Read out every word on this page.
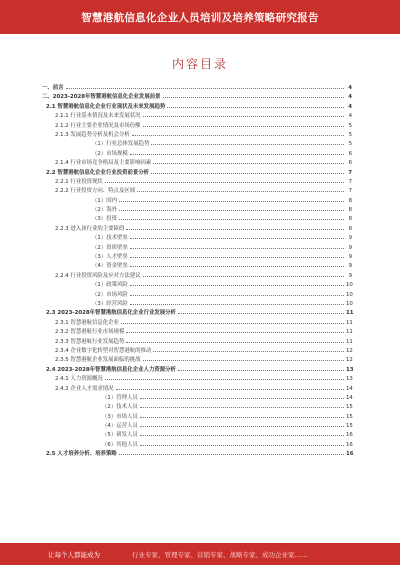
智慧港航信息化企业人员培训及培养策略研究报告
内容目录
一、前言	4
二、2023-2028年智慧港航信息化企业发展前景	4
2.1 智慧港航信息化企业行业现状及未来发展趋势	4
2.1.1 行业基本情况及未来发展状况	4
2.1.2 行业主要企业情况及市场份额	5
2.1.3 发展趋势分析及机会分析	5
（1）行业总体发展趋势	5
（2）市场规模	6
2.1.4 行业市场竞争格局及主要影响因素	6
2.2 智慧港航信息化企业行业投资前景分析	7
2.2.1 行业投资现状	7
2.2.2 行业投资方向、特点及区域	7
（1）国内	8
（2）海外	8
（3）投资	8
2.2.3 进入该行业的主要障碍	8
（1）技术壁垒	9
（2）资质壁垒	9
（3）人才壁垒	9
（4）资金壁垒	9
2.2.4 行业投资风险及应对方法建议	9
（1）政策风险	10
（2）市场风险	10
（3）经营风险	10
2.3 2023-2028年智慧港航信息化企业行业发展分析	11
2.3.1 智慧港航信息化企业	11
2.3.2 智慧港航行业市场规模	11
2.3.3 智慧港航行业发展趋势	11
2.3.4 企业数字化转型对智慧港航的推动	12
2.3.5 智慧港航企业发展面临的挑战	12
2.4 2023-2028年智慧港航信息化企业人力资源分析	13
2.4.1 人力资源概况	13
2.4.2 企业人才需求情况	14
（1）管理人员	14
（2）技术人员	15
（3）市场人员	15
（4）运营人员	15
（5）研发人员	16
（6）其他人员	16
2.5 人才培养分析、培养策略	16
让每个人都能成为	行业专家、管理专家、营销专家、战略专家、成功企业家……
